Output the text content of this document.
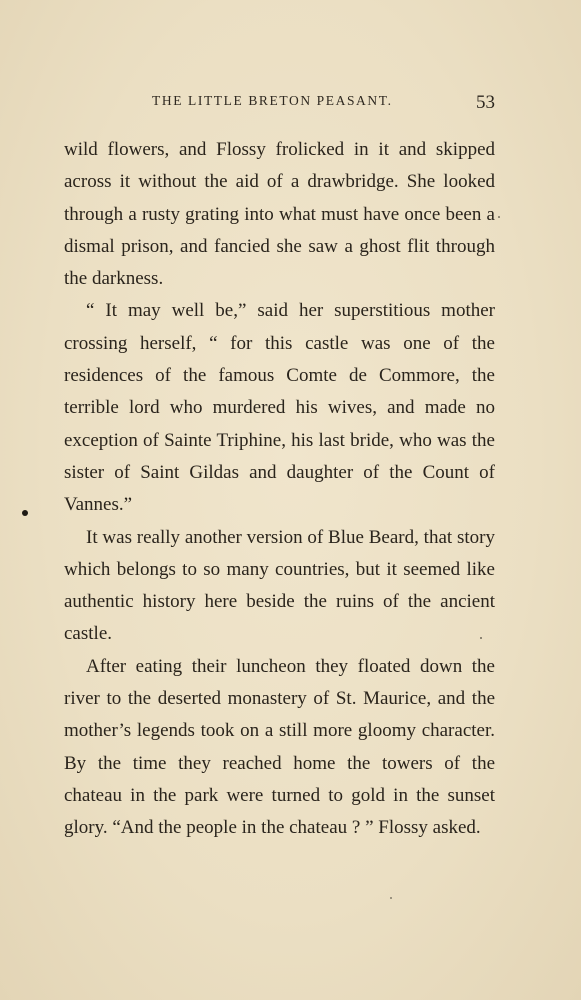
THE LITTLE BRETON PEASANT.	53

wild flowers, and Flossy frolicked in it and skipped across it without the aid of a drawbridge. She looked through a rusty grating into what must have once been a dismal prison, and fancied she saw a ghost flit through the darkness.

“ It may well be,” said her superstitious mother crossing herself, “ for this castle was one of the residences of the famous Comte de Commore, the terrible lord who murdered his wives, and made no exception of Sainte Triphine, his last bride, who was the sister of Saint Gildas and daughter of the Count of Vannes.”

It was really another version of Blue Beard, that story which belongs to so many countries, but it seemed like authentic history here beside the ruins of the ancient castle.

After eating their luncheon they floated down the river to the deserted monastery of St. Maurice, and the mother’s legends took on a still more gloomy character. By the time they reached home the towers of the chateau in the park were turned to gold in the sunset glory. “And the people in the chateau ? ” Flossy asked.
